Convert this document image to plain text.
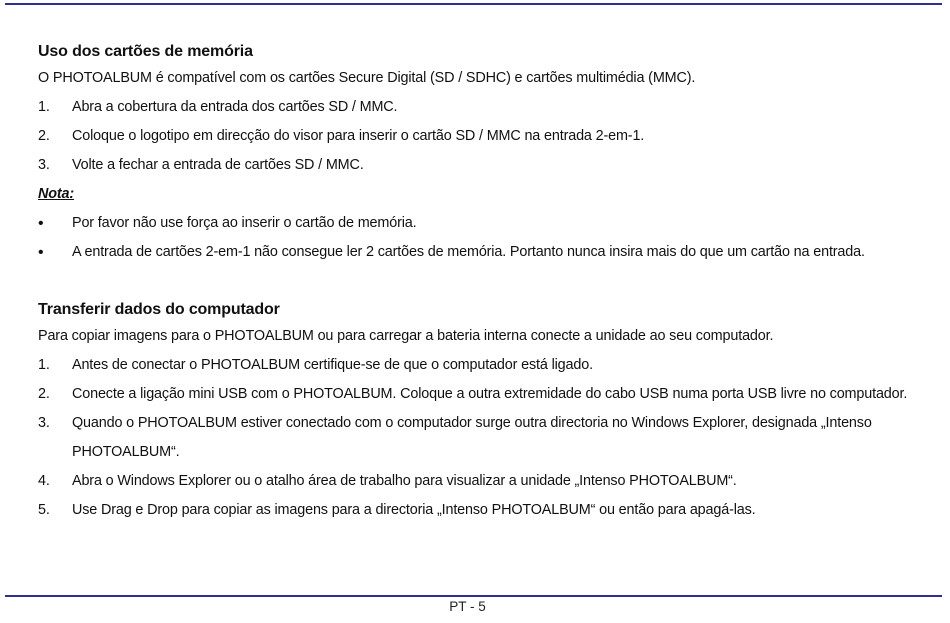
Uso dos cartões de memória
O PHOTOALBUM é compatível com os cartões Secure Digital (SD / SDHC) e cartões multimédia (MMC).
1.	Abra a cobertura da entrada dos cartões SD / MMC.
2.	Coloque o logotipo em direcção do visor para inserir o cartão SD / MMC na entrada 2-em-1.
3.	Volte a fechar a entrada de cartões SD / MMC.
Nota:
•	Por favor não use força ao inserir o cartão de memória.
•	A entrada de cartões 2-em-1 não consegue ler 2 cartões de memória. Portanto nunca insira mais do que um cartão na entrada.
Transferir dados do computador
Para copiar imagens para o PHOTOALBUM ou para carregar a bateria interna conecte a unidade ao seu computador.
1.	Antes de conectar o PHOTOALBUM certifique-se de que o computador está ligado.
2.	Conecte a ligação mini USB com o PHOTOALBUM. Coloque a outra extremidade do cabo USB numa porta USB livre no computador.
3.	Quando o PHOTOALBUM estiver conectado com o computador surge outra directoria no Windows Explorer, designada „Intenso PHOTOALBUM“.
4.	Abra o Windows Explorer ou o atalho área de trabalho para visualizar a unidade „Intenso PHOTOALBUM“.
5.	Use Drag e Drop para copiar as imagens para a directoria „Intenso PHOTOALBUM“ ou então para apagá-las.
PT - 5
